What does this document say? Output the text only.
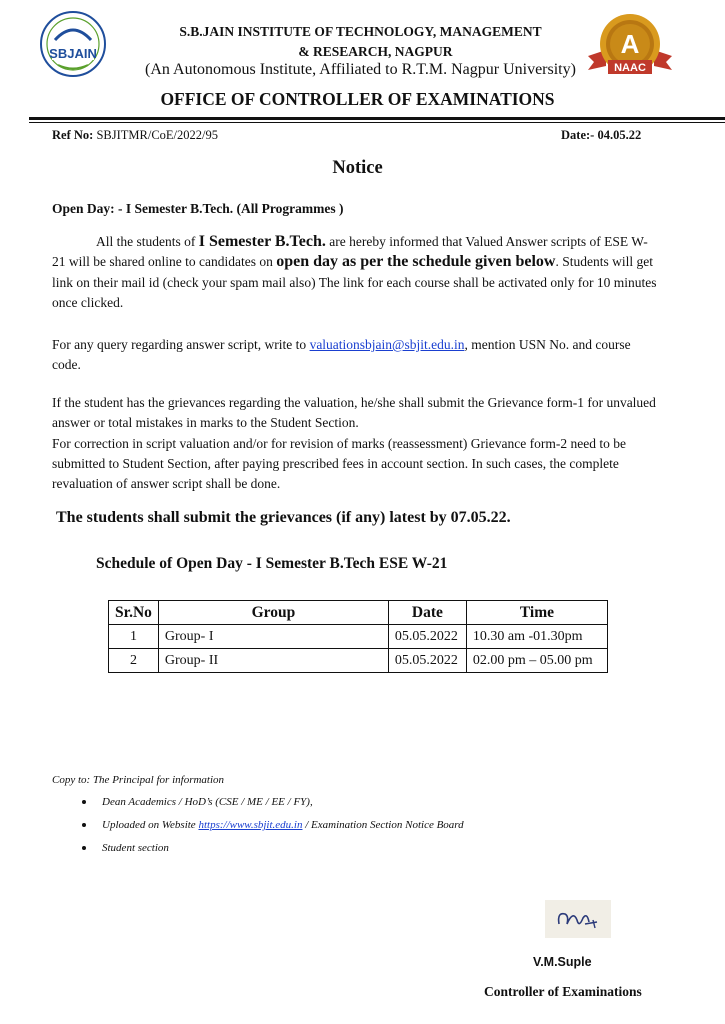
SBJAIN	A
NAAC
S.B.JAIN INSTITUTE OF TECHNOLOGY, MANAGEMENT
& RESEARCH, NAGPUR
(An Autonomous Institute, Affiliated to R.T.M. Nagpur University)
OFFICE OF CONTROLLER OF EXAMINATIONS
Ref No: SBJITMR/CoE/2022/95	Date:- 04.05.22
Notice
Open Day: - I Semester B.Tech. (All Programmes )
All the students of I Semester B.Tech. are hereby informed that Valued Answer scripts of ESE W-21 will be shared online to candidates on open day as per the schedule given below. Students will get link on their mail id (check your spam mail also) The link for each course shall be activated only for 10 minutes once clicked.
For any query regarding answer script, write to valuationsbjain@sbjit.edu.in, mention USN No. and course code.
If the student has the grievances regarding the valuation, he/she shall submit the Grievance form-1 for unvalued answer or total mistakes in marks to the Student Section.
For correction in script valuation and/or for revision of marks (reassessment) Grievance form-2 need to be submitted to Student Section, after paying prescribed fees in account section. In such cases, the complete revaluation of answer script shall be done.
The students shall submit the grievances (if any) latest by 07.05.22.
Schedule of Open Day - I Semester B.Tech ESE W-21
Sr.No	Group	Date	Time
1	Group- I	05.05.2022	10.30 am -01.30pm
2	Group- II	05.05.2022	02.00 pm – 05.00 pm
Copy to: The Principal for information
Dean Academics / HoD’s (CSE / ME / EE / FY),
Uploaded on Website https://www.sbjit.edu.in / Examination Section Notice Board
Student section
V.M.Suple
Controller of Examinations
